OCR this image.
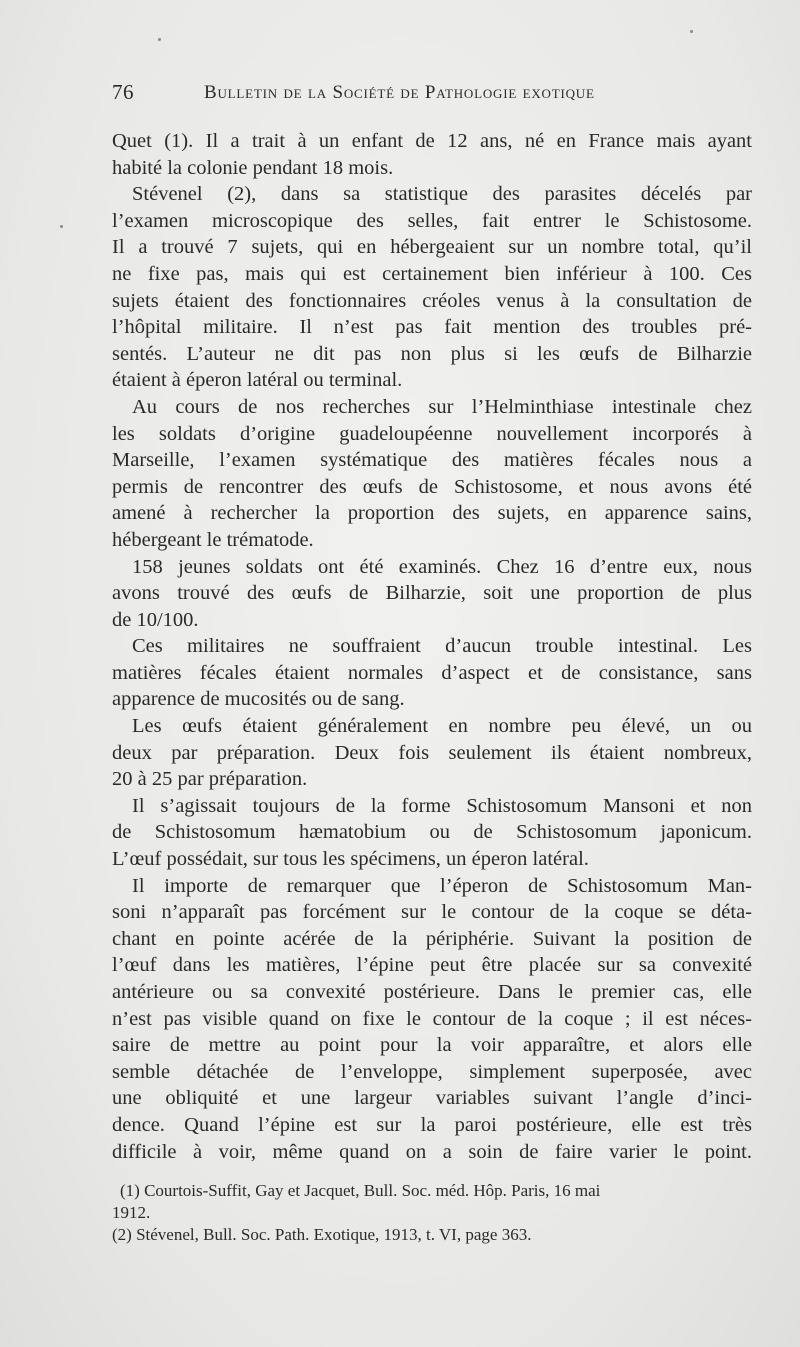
76	Bulletin de la Société de Pathologie exotique
Quet (1). Il a trait à un enfant de 12 ans, né en France mais ayant
habité la colonie pendant 18 mois.
Stévenel (2), dans sa statistique des parasites décelés par
l’examen microscopique des selles, fait entrer le Schistosome.
Il a trouvé 7 sujets, qui en hébergeaient sur un nombre total, qu’il
ne fixe pas, mais qui est certainement bien inférieur à 100. Ces
sujets étaient des fonctionnaires créoles venus à la consultation de
l’hôpital militaire. Il n’est pas fait mention des troubles pré-
sentés. L’auteur ne dit pas non plus si les œufs de Bilharzie
étaient à éperon latéral ou terminal.
Au cours de nos recherches sur l’Helminthiase intestinale chez
les soldats d’origine guadeloupéenne nouvellement incorporés à
Marseille, l’examen systématique des matières fécales nous a
permis de rencontrer des œufs de Schistosome, et nous avons été
amené à rechercher la proportion des sujets, en apparence sains,
hébergeant le trématode.
158 jeunes soldats ont été examinés. Chez 16 d’entre eux, nous
avons trouvé des œufs de Bilharzie, soit une proportion de plus
de 10/100.
Ces militaires ne souffraient d’aucun trouble intestinal. Les
matières fécales étaient normales d’aspect et de consistance, sans
apparence de mucosités ou de sang.
Les œufs étaient généralement en nombre peu élevé, un ou
deux par préparation. Deux fois seulement ils étaient nombreux,
20 à 25 par préparation.
Il s’agissait toujours de la forme Schistosomum Mansoni et non
de Schistosomum hæmatobium ou de Schistosomum japonicum.
L’œuf possédait, sur tous les spécimens, un éperon latéral.
Il importe de remarquer que l’éperon de Schistosomum Man-
soni n’apparaît pas forcément sur le contour de la coque se déta-
chant en pointe acérée de la périphérie. Suivant la position de
l’œuf dans les matières, l’épine peut être placée sur sa convexité
antérieure ou sa convexité postérieure. Dans le premier cas, elle
n’est pas visible quand on fixe le contour de la coque ; il est néces-
saire de mettre au point pour la voir apparaître, et alors elle
semble détachée de l’enveloppe, simplement superposée, avec
une obliquité et une largeur variables suivant l’angle d’inci-
dence. Quand l’épine est sur la paroi postérieure, elle est très
difficile à voir, même quand on a soin de faire varier le point.
(1) Courtois-Suffit, Gay et Jacquet, Bull. Soc. méd. Hôp. Paris, 16 mai
1912.
(2) Stévenel, Bull. Soc. Path. Exotique, 1913, t. VI, page 363.
